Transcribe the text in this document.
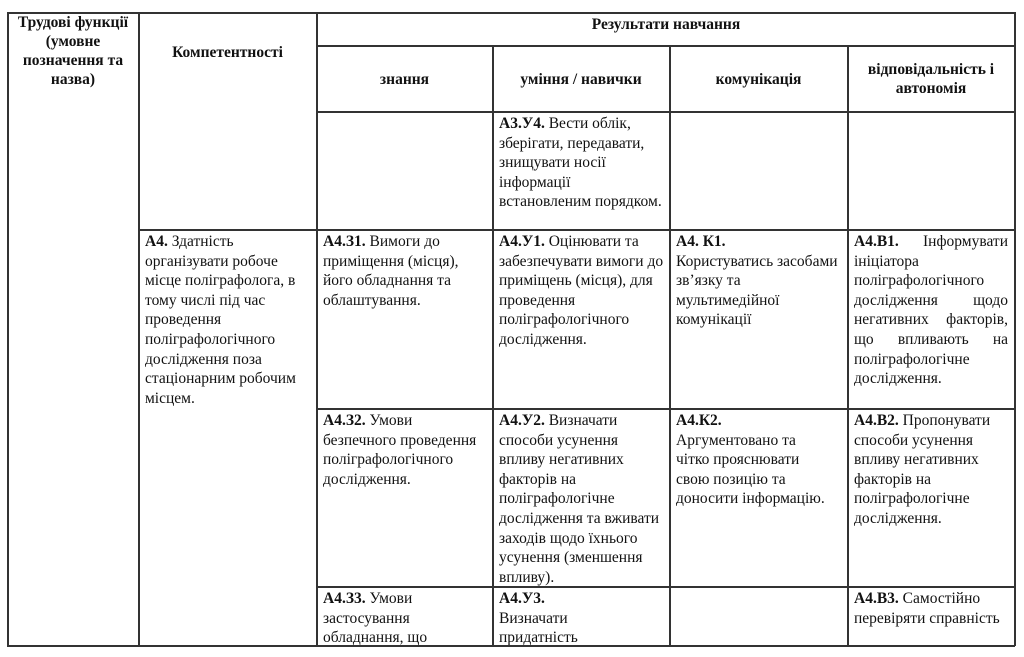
Трудові функції (умовне позначення та назва)
Компетентності
Результати навчання
знання	уміння / навички	комунікація
відповідальність і автономія
А3.У4. Вести облік, зберігати, передавати, знищувати носії інформації встановленим порядком.
А4. Здатність організувати робоче місце поліграфолога, в тому числі під час проведення поліграфологічного дослідження поза стаціонарним робочим місцем.
А4.З1. Вимоги до приміщення (місця), його обладнання та облаштування.
А4.У1. Оцінювати та забезпечувати вимоги до приміщень (місця), для проведення поліграфологічного дослідження.
А4. К1.
Користуватись засобами зв’язку та мультимедійної комунікації
А4.В1. Інформувати ініціатора поліграфологічного дослідження щодо негативних факторів, що впливають на поліграфологічне дослідження.
А4.З2. Умови безпечного проведення поліграфологічного дослідження.
А4.У2. Визначати способи усунення впливу негативних факторів на поліграфологічне дослідження та вживати заходів щодо їхнього усунення (зменшення впливу).
А4.К2.
Аргументовано та чітко прояснювати свою позицію та доносити інформацію.
А4.В2. Пропонувати способи усунення впливу негативних факторів на поліграфологічне дослідження.
А4.З3. Умови застосування обладнання, що
А4.У3.
Визначати придатність
А4.В3. Самостійно перевіряти справність
